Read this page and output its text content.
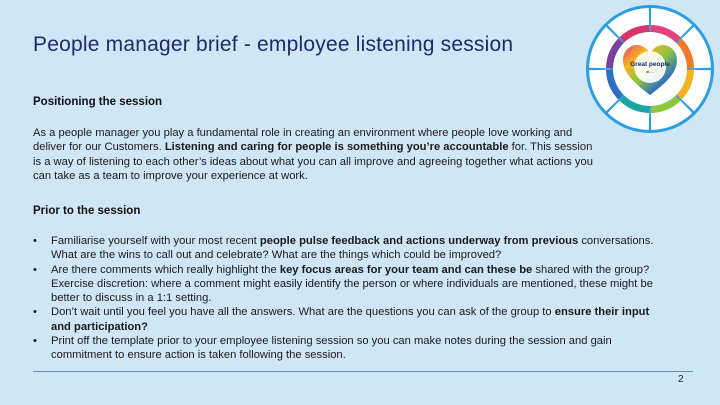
People manager brief - employee listening session
Positioning the session
As a people manager you play a fundamental role in creating an environment where people love working and deliver for our Customers. Listening and caring for people is something you’re accountable for. This session is a way of listening to each other’s ideas about what you can all improve and agreeing together what actions you can take as a team to improve your experience at work.
Prior to the session
•	Familiarise yourself with your most recent people pulse feedback and actions underway from previous conversations. What are the wins to call out and celebrate? What are the things which could be improved?
•	Are there comments which really highlight the key focus areas for your team and can these be shared with the group? Exercise discretion: where a comment might easily identify the person or where individuals are mentioned, these might be better to discuss in a 1:1 setting.
•	Don’t wait until you feel you have all the answers. What are the questions you can ask of the group to ensure their input and participation?
•	Print off the template prior to your employee listening session so you can make notes during the session and gain commitment to ensure action is taken following the session.
Great people
at ...
2
